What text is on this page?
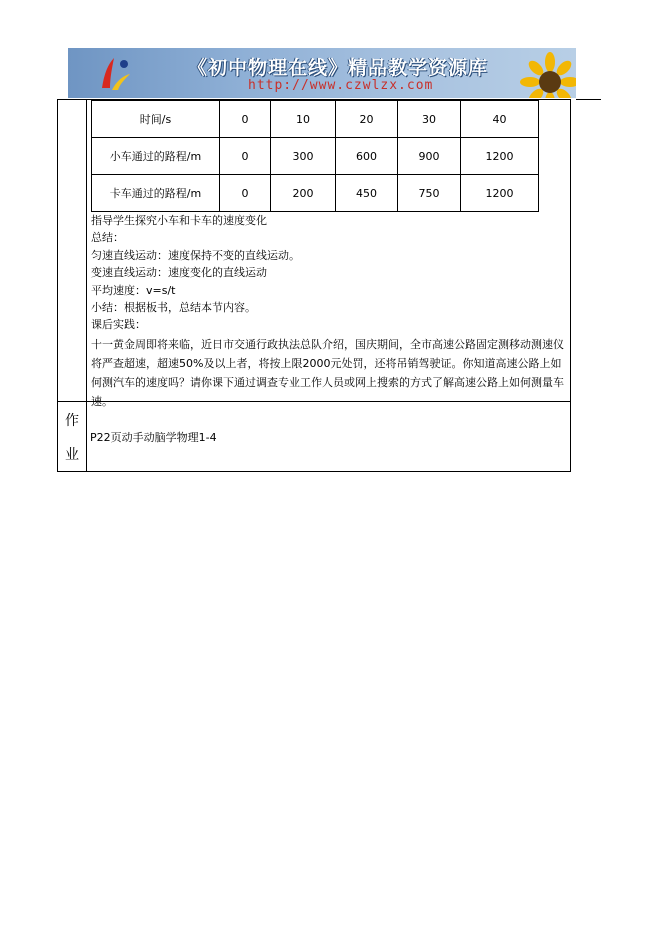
《初中物理在线》精品教学资源库
http://www.czwlzx.com
时间/s	0	10	20	30	40
小车通过的路程/m	0	300	600	900	1200
卡车通过的路程/m	0	200	450	750	1200

指导学生探究小车和卡车的速度变化

总结：

匀速直线运动：速度保持不变的直线运动。

变速直线运动：速度变化的直线运动

平均速度：v=s/t

小结：根据板书，总结本节内容。

课后实践：

十一黄金周即将来临，近日市交通行政执法总队介绍，国庆期间，全市高速公路固定测移动测速仪将严查超速，超速50%及以上者，将按上限2000元处罚，还将吊销驾驶证。你知道高速公路上如何测汽车的速度吗？请你课下通过调查专业工作人员或网上搜索的方式了解高速公路上如何测量车速。

作
业
P22页动手动脑学物理1-4
